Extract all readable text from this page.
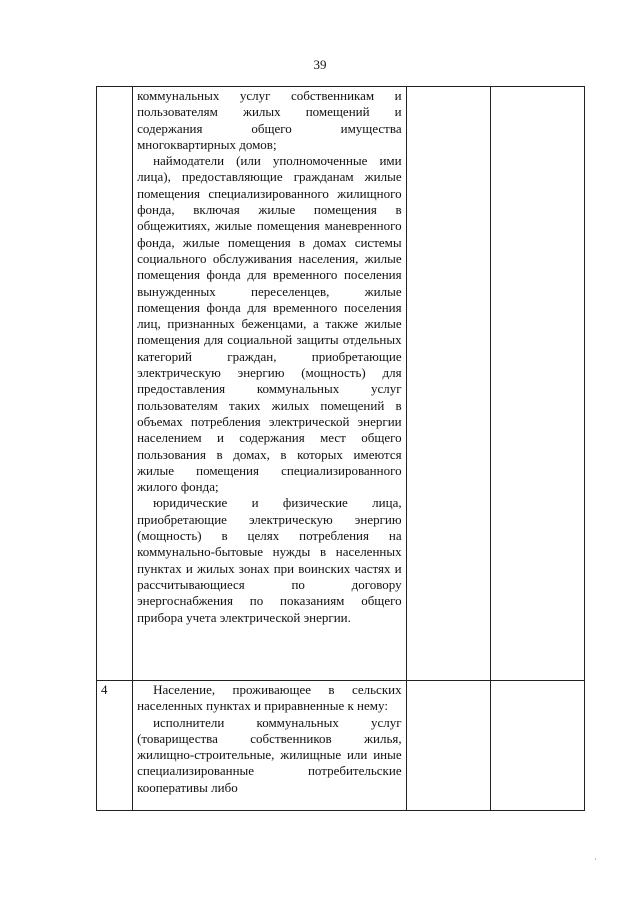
39

	коммунальных услуг собственникам и пользователям жилых помещений и содержания общего имущества многоквартирных домов;

наймодатели (или уполномоченные ими лица), предоставляющие гражданам жилые помещения специализированного жилищного фонда, включая жилые помещения в общежитиях, жилые помещения маневренного фонда, жилые помещения в домах системы социального обслуживания населения, жилые помещения фонда для временного поселения вынужденных переселенцев, жилые помещения фонда для временного поселения лиц, признанных беженцами, а также жилые помещения для социальной защиты отдельных категорий граждан, приобретающие электрическую энергию (мощность) для предоставления коммунальных услуг пользователям таких жилых помещений в объемах потребления электрической энергии населением и содержания мест общего пользования в домах, в которых имеются жилые помещения специализированного жилого фонда;

юридические и физические лица, приобретающие электрическую энергию (мощность) в целях потребления на коммунально-бытовые нужды в населенных пунктах и жилых зонах при воинских частях и рассчитывающиеся по договору энергоснабжения по показаниям общего прибора учета электрической энергии.		

4	Население, проживающее в сельских населенных пунктах и приравненные к нему:

исполнители коммунальных услуг (товарищества собственников жилья, жилищно-строительные, жилищные или иные специализированные потребительские кооперативы либо		

·
